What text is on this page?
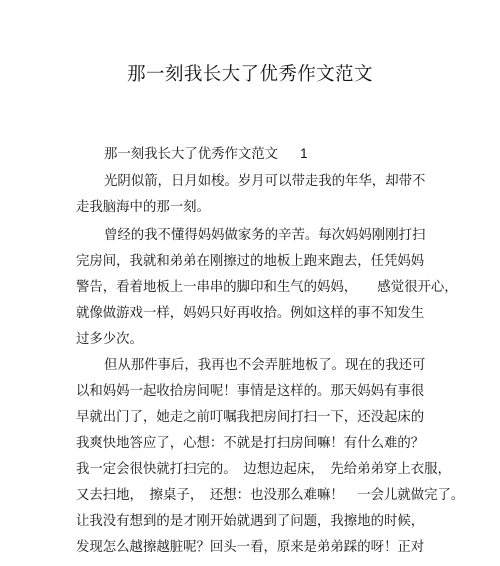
那一刻我长大了优秀作文范文
那一刻我长大了优秀作文范文 1
光阴似箭，日月如梭。岁月可以带走我的年华，却带不
走我脑海中的那一刻。
曾经的我不懂得妈妈做家务的辛苦。每次妈妈刚刚打扫
完房间，我就和弟弟在刚擦过的地板上跑来跑去，任凭妈妈
警告，看着地板上一串串的脚印和生气的妈妈，　　感觉很开心，
就像做游戏一样，妈妈只好再收拾。例如这样的事不知发生
过多少次。
但从那件事后，我再也不会弄脏地板了。现在的我还可
以和妈妈一起收拾房间呢！事情是这样的。那天妈妈有事很
早就出门了，她走之前叮嘱我把房间打扫一下，还没起床的
我爽快地答应了，心想：不就是打扫房间嘛！有什么难的？
我一定会很快就打扫完的。　边想边起床，　先给弟弟穿上衣服，
又去扫地，　擦桌子，　还想：也没那么难嘛！　一会儿就做完了。
让我没有想到的是才刚开始就遇到了问题，我擦地的时候，
发现怎么越擦越脏呢？回头一看，原来是弟弟踩的呀！正对
